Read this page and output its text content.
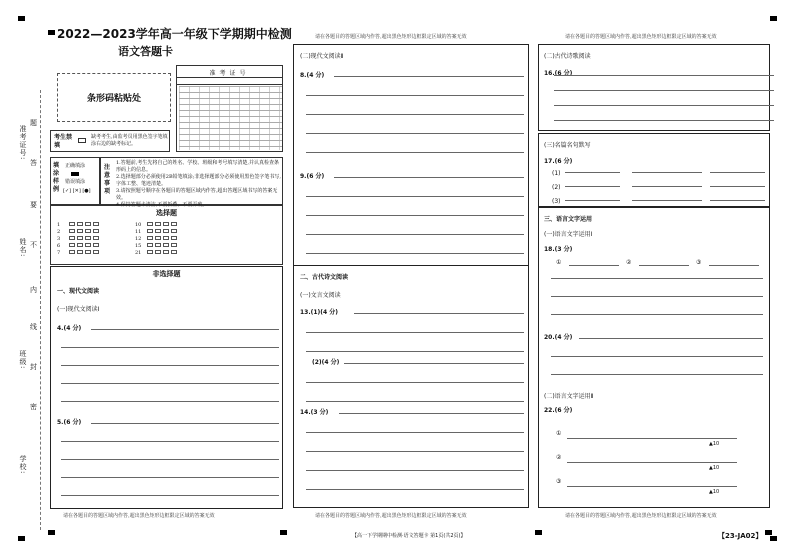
准考证号:
姓名:
班级:
学校:
题
答
要
不
内
线
封
密
2022—2023学年高一年级下学期期中检测
语文答题卡
条形码粘贴处
准考证号
考生禁填
缺考考生,由监考员用黑色签字笔填涂右边的缺考标记。
填涂样例
正确填涂
错误填涂
[✓] [✕] [●]
注意事项
1.答题前,考生先将自己的姓名、学校、班级和考号填写清楚,并认真检查条形码上的信息。
2.选择题部分必须使用2B铅笔填涂;非选择题部分必须使用黑色签字笔书写,字体工整、笔迹清楚。
3.请按照题号顺序在各题目的答题区域内作答,超出答题区域书写的答案无效。
4.保持答题卡清洁,不要折叠、不要弄破。
选择题
1
2
3
6
7
10
11
12
15
21
非选择题
一、现代文阅读
(一)现代文阅读Ⅰ
4.(4 分)
5.(6 分)
请在各题目的答题区域内作答,超出黑色矩形边框限定区域的答案无效
请在各题目的答题区域内作答,超出黑色矩形边框限定区域的答案无效
(二)现代文阅读Ⅱ
8.(4 分)
9.(6 分)
二、古代诗文阅读
(一)文言文阅读
13.(1)(4 分)
(2)(4 分)
14.(3 分)
请在各题目的答题区域内作答,超出黑色矩形边框限定区域的答案无效
请在各题目的答题区域内作答,超出黑色矩形边框限定区域的答案无效
(二)古代诗歌阅读
16.(6 分)
(三)名篇名句默写
17.(6 分)
(1)
(2)
(3)
三、语言文字运用
(一)语言文字运用Ⅰ
18.(3 分)
①	②	③
20.(4 分)
(二)语言文字运用Ⅱ
22.(6 分)
①
②
③
▲10
▲10
▲10
请在各题目的答题区域内作答,超出黑色矩形边框限定区域的答案无效
【高一下学期期中检测·语文答题卡 第1页(共2页)】	【23-JA02】
